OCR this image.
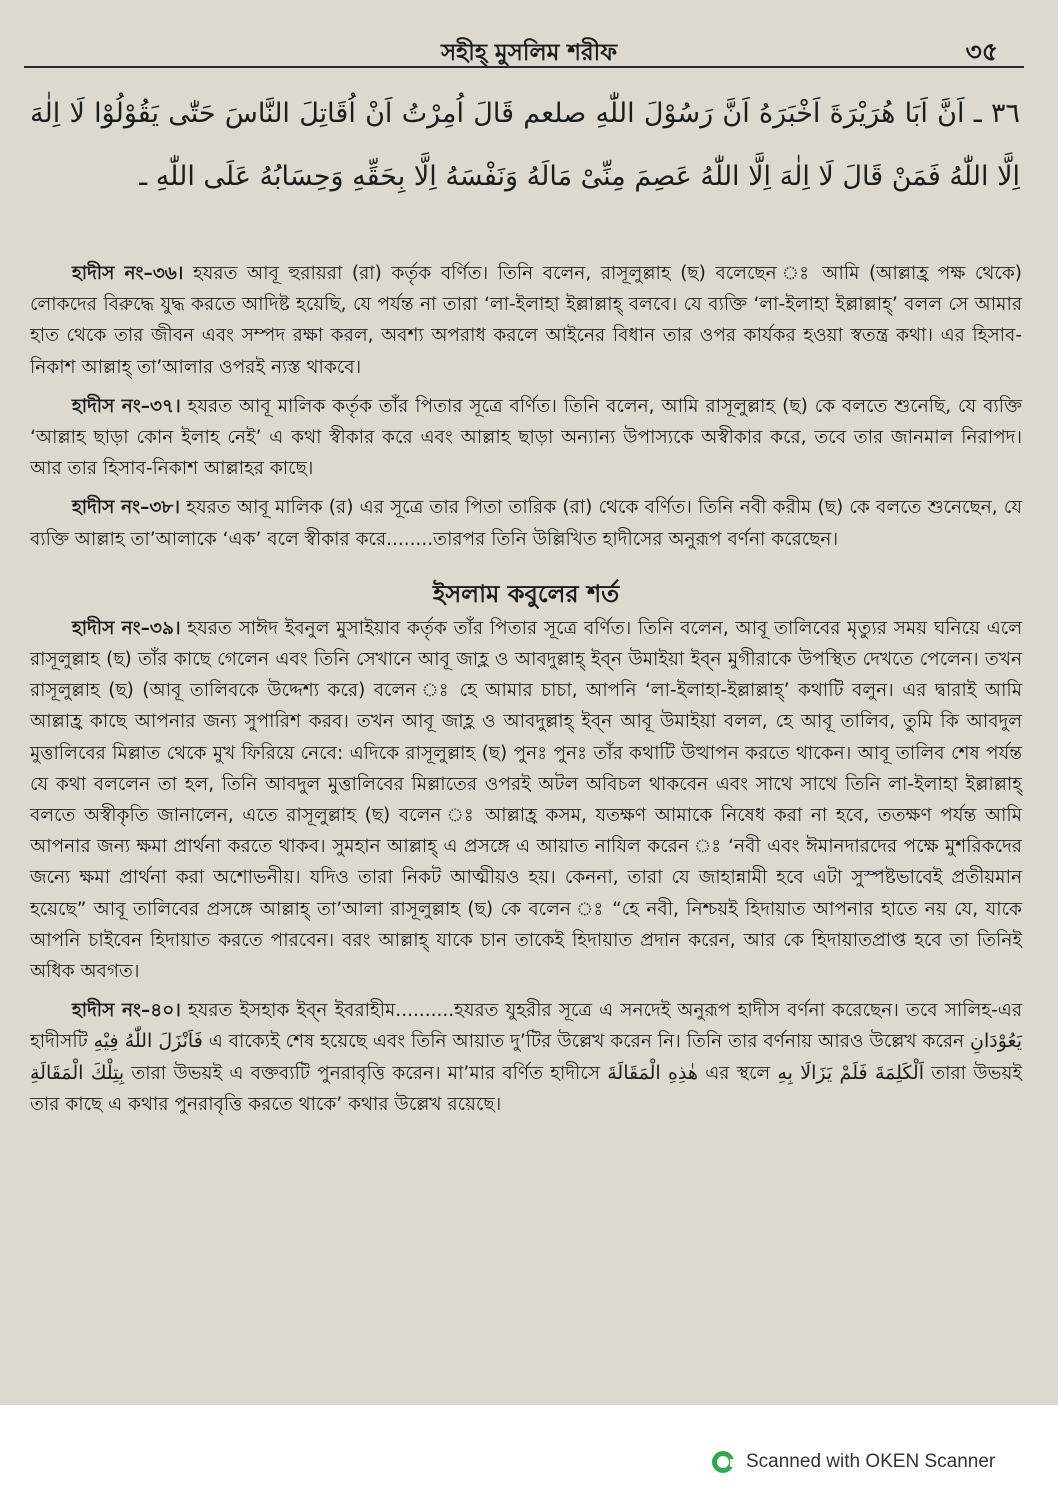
সহীহ্ মুসলিম শরীফ	৩৫
٣٦ ـ اَنَّ اَبَا هُرَيْرَةَ اَخْبَرَهُ اَنَّ رَسُوْلَ اللّٰهِ صلعم قَالَ اُمِرْتُ اَنْ اُقَاتِلَ النَّاسَ حَتّٰى يَقُوْلُوْا لَا اِلٰهَ اِلَّا اللّٰهُ فَمَنْ قَالَ لَا اِلٰهَ اِلَّا اللّٰهُ عَصِمَ مِنِّىْ مَالَهُ وَنَفْسَهُ اِلَّا بِحَقِّهِ وَحِسَابُهُ عَلَى اللّٰهِ ـ

হাদীস নং–৩৬। হযরত আবূ হুরায়রা (রা) কর্তৃক বর্ণিত। তিনি বলেন, রাসূলুল্লাহ (ছ) বলেছেন ঃ আমি (আল্লাহ্র পক্ষ থেকে) লোকদের বিরুদ্ধে যুদ্ধ করতে আদিষ্ট হয়েছি, যে পর্যন্ত না তারা ‘লা-ইলাহা ইল্লাল্লাহ্ বলবে। যে ব্যক্তি ‘লা-ইলাহা ইল্লাল্লাহ্’ বলল সে আমার হাত থেকে তার জীবন এবং সম্পদ রক্ষা করল, অবশ্য অপরাধ করলে আইনের বিধান তার ওপর কার্যকর হওয়া স্বতন্ত্র কথা। এর হিসাব-নিকাশ আল্লাহ্ তা’আলার ওপরই ন্যস্ত থাকবে।

হাদীস নং–৩৭। হযরত আবূ মালিক কর্তৃক তাঁর পিতার সূত্রে বর্ণিত। তিনি বলেন, আমি রাসূলুল্লাহ (ছ) কে বলতে শুনেছি, যে ব্যক্তি ‘আল্লাহ ছাড়া কোন ইলাহ নেই’ এ কথা স্বীকার করে এবং আল্লাহ ছাড়া অন্যান্য উপাস্যকে অস্বীকার করে, তবে তার জানমাল নিরাপদ। আর তার হিসাব-নিকাশ আল্লাহর কাছে।

হাদীস নং–৩৮। হযরত আবূ মালিক (র) এর সূত্রে তার পিতা তারিক (রা) থেকে বর্ণিত। তিনি নবী করীম (ছ) কে বলতে শুনেছেন, যে ব্যক্তি আল্লাহ তা’আলাকে ‘এক’ বলে স্বীকার করে........তারপর তিনি উল্লিখিত হাদীসের অনুরূপ বর্ণনা করেছেন।

ইসলাম কবুলের শর্ত

হাদীস নং–৩৯। হযরত সাঈদ ইবনুল মুসাইয়াব কর্তৃক তাঁর পিতার সূত্রে বর্ণিত। তিনি বলেন, আবূ তালিবের মৃত্যুর সময় ঘনিয়ে এলে রাসূলুল্লাহ (ছ) তাঁর কাছে গেলেন এবং তিনি সেখানে আবূ জাহ্ল ও আবদুল্লাহ্ ইব্ন উমাইয়া ইব্ন মুগীরাকে উপস্থিত দেখতে পেলেন। তখন রাসূলুল্লাহ (ছ) (আবূ তালিবকে উদ্দেশ্য করে) বলেন ঃ হে আমার চাচা, আপনি ‘লা-ইলাহা-ইল্লাল্লাহ্’ কথাটি বলুন। এর দ্বারাই আমি আল্লাহ্র কাছে আপনার জন্য সুপারিশ করব। তখন আবূ জাহ্ল ও আবদুল্লাহ্ ইব্ন আবূ উমাইয়া বলল, হে আবূ তালিব, তুমি কি আবদুল মুত্তালিবের মিল্লাত থেকে মুখ ফিরিয়ে নেবে: এদিকে রাসূলুল্লাহ (ছ) পুনঃ পুনঃ তাঁর কথাটি উত্থাপন করতে থাকেন। আবূ তালিব শেষ পর্যন্ত যে কথা বললেন তা হল, তিনি আবদুল মুত্তালিবের মিল্লাতের ওপরই অটল অবিচল থাকবেন এবং সাথে সাথে তিনি লা-ইলাহা ইল্লাল্লাহ্ বলতে অস্বীকৃতি জানালেন, এতে রাসূলুল্লাহ (ছ) বলেন ঃ আল্লাহ্র কসম, যতক্ষণ আমাকে নিষেধ করা না হবে, ততক্ষণ পর্যন্ত আমি আপনার জন্য ক্ষমা প্রার্থনা করতে থাকব। সুমহান আল্লাহ্ এ প্রসঙ্গে এ আয়াত নাযিল করেন ঃ ‘নবী এবং ঈমানদারদের পক্ষে মুশরিকদের জন্যে ক্ষমা প্রার্থনা করা অশোভনীয়। যদিও তারা নিকট আত্মীয়ও হয়। কেননা, তারা যে জাহান্নামী হবে এটা সুস্পষ্টভাবেই প্রতীয়মান হয়েছে” আবূ তালিবের প্রসঙ্গে আল্লাহ্ তা’আলা রাসূলুল্লাহ (ছ) কে বলেন ঃ “হে নবী, নিশ্চয়ই হিদায়াত আপনার হাতে নয় যে, যাকে আপনি চাইবেন হিদায়াত করতে পারবেন। বরং আল্লাহ্ যাকে চান তাকেই হিদায়াত প্রদান করেন, আর কে হিদায়াতপ্রাপ্ত হবে তা তিনিই অধিক অবগত।

হাদীস নং–৪০। হযরত ইসহাক ইব্ন ইবরাহীম..........হযরত যুহরীর সূত্রে এ সনদেই অনুরূপ হাদীস বর্ণনা করেছেন। তবে সালিহ-এর হাদীসটি فَاَنْزَلَ اللّٰهُ فِيْهِ এ বাক্যেই শেষ হয়েছে এবং তিনি আয়াত দু’টির উল্লেখ করেন নি। তিনি তার বর্ণনায় আরও উল্লেখ করেন يَعُوْدَانِ بِتِلْكَ الْمَقَالَةِ তারা উভয়ই এ বক্তব্যটি পুনরাবৃত্তি করেন। মা’মার বর্ণিত হাদীসে هٰذِهِ الْمَقَالَةَ এর স্থলে اَلْكَلِمَةَ فَلَمْ يَزَالَا بِهِ তারা উভয়ই তার কাছে এ কথার পুনরাবৃত্তি করতে থাকে’ কথার উল্লেখ রয়েছে।

Scanned with OKEN Scanner
